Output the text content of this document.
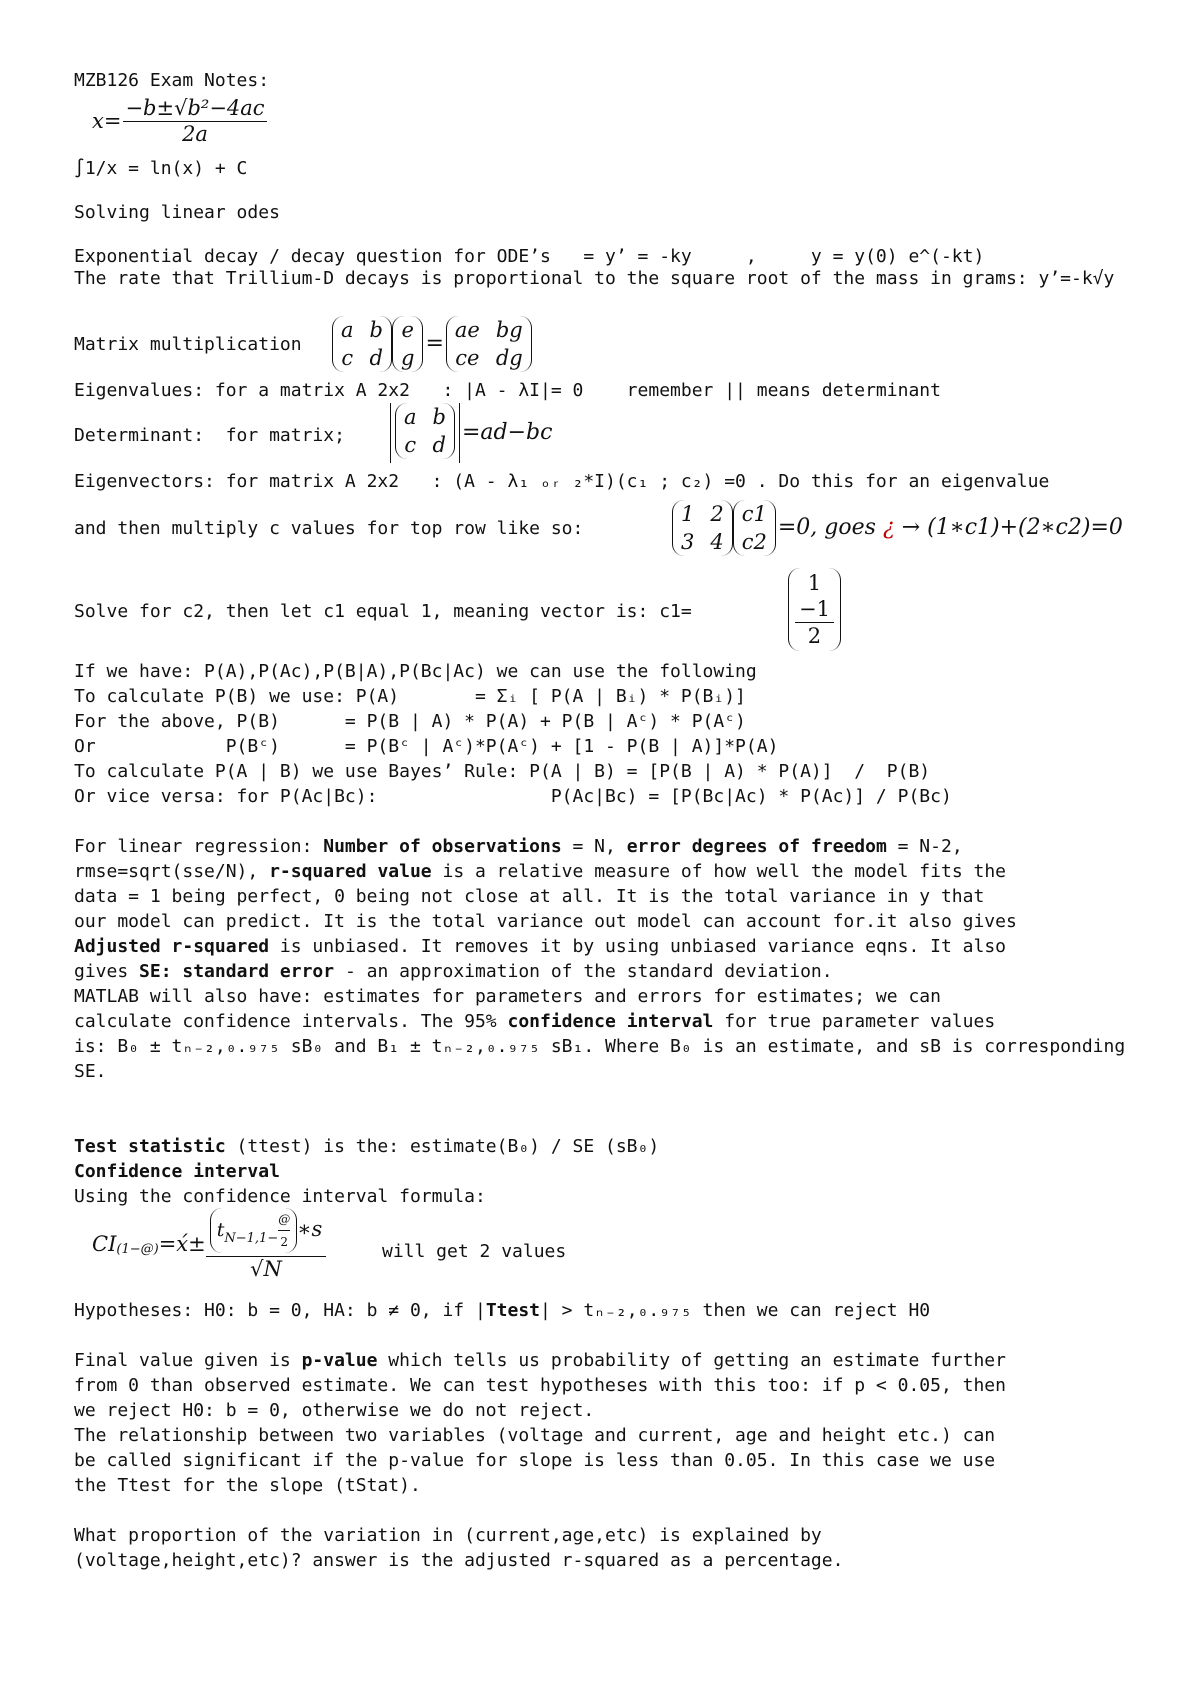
MZB126 Exam Notes:
$x= \frac{\text{−b±√b²−4ac}}{2a}$
∫1/x = ln(x) + C
Solving linear odes
Exponential decay / decay question for ODE’s   = y’ = -ky     ,     y = y(0) e^(-kt)
The rate that Trillium-D decays is proportional to the square root of the mass in grams: y’=-k√y
Matrix multiplication
a	b
c	d
e
g
=
ae	bg
ce	dg
Eigenvalues: for a matrix A 2x2   : |A - λI|= 0    remember || means determinant
Determinant:  for matrix;
a	b
c	d =ad−bc
Eigenvectors: for matrix A 2x2   : (A - λ₁ ₒᵣ ₂*I)(c₁ ; c₂) =0 . Do this for an eigenvalue
and then multiply c values for top row like so:
1	2
3	4
c1
c2
=0, goes ¿ → (1∗c1)+(2∗c2)=0
Solve for c2, then let c1 equal 1, meaning vector is: c1=
1
−1
2
If we have: P(A),P(Ac),P(B|A),P(Bc|Ac) we can use the following
To calculate P(B) we use: P(A)       = Σᵢ [ P(A | Bᵢ) * P(Bᵢ)]
For the above, P(B)      = P(B | A) * P(A) + P(B | Aᶜ) * P(Aᶜ)
Or            P(Bᶜ)      = P(Bᶜ | Aᶜ)*P(Aᶜ) + [1 - P(B | A)]*P(A)
To calculate P(A | B) we use Bayes’ Rule: P(A | B) = [P(B | A) * P(A)]  /  P(B)
Or vice versa: for P(Ac|Bc):                P(Ac|Bc) = [P(Bc|Ac) * P(Ac)] / P(Bc)
For linear regression: Number of observations = N, error degrees of freedom = N-2,
rmse=sqrt(sse/N), r-squared value is a relative measure of how well the model fits the
data = 1 being perfect, 0 being not close at all. It is the total variance in y that
our model can predict. It is the total variance out model can account for.it also gives
Adjusted r-squared is unbiased. It removes it by using unbiased variance eqns. It also
gives SE: standard error - an approximation of the standard deviation.
MATLAB will also have: estimates for parameters and errors for estimates; we can
calculate confidence intervals. The 95% confidence interval for true parameter values
is: B₀ ± tₙ₋₂,₀.₉₇₅ sB₀ and B₁ ± tₙ₋₂,₀.₉₇₅ sB₁. Where B₀ is an estimate, and sB is corresponding
SE.
Test statistic (ttest) is the: estimate(B₀) / SE (sB₀)
Confidence interval
Using the confidence interval formula:
CI (1−@) =x́± $t_{N-1,1-}$
@
2
∗s
√N	will get 2 values
Hypotheses: H0: b = 0, HA: b ≠ 0, if |Ttest| > tₙ₋₂,₀.₉₇₅ then we can reject H0
Final value given is p-value which tells us probability of getting an estimate further
from 0 than observed estimate. We can test hypotheses with this too: if p < 0.05, then
we reject H0: b = 0, otherwise we do not reject.
The relationship between two variables (voltage and current, age and height etc.) can
be called significant if the p-value for slope is less than 0.05. In this case we use
the Ttest for the slope (tStat).
What proportion of the variation in (current,age,etc) is explained by
(voltage,height,etc)? answer is the adjusted r-squared as a percentage.
